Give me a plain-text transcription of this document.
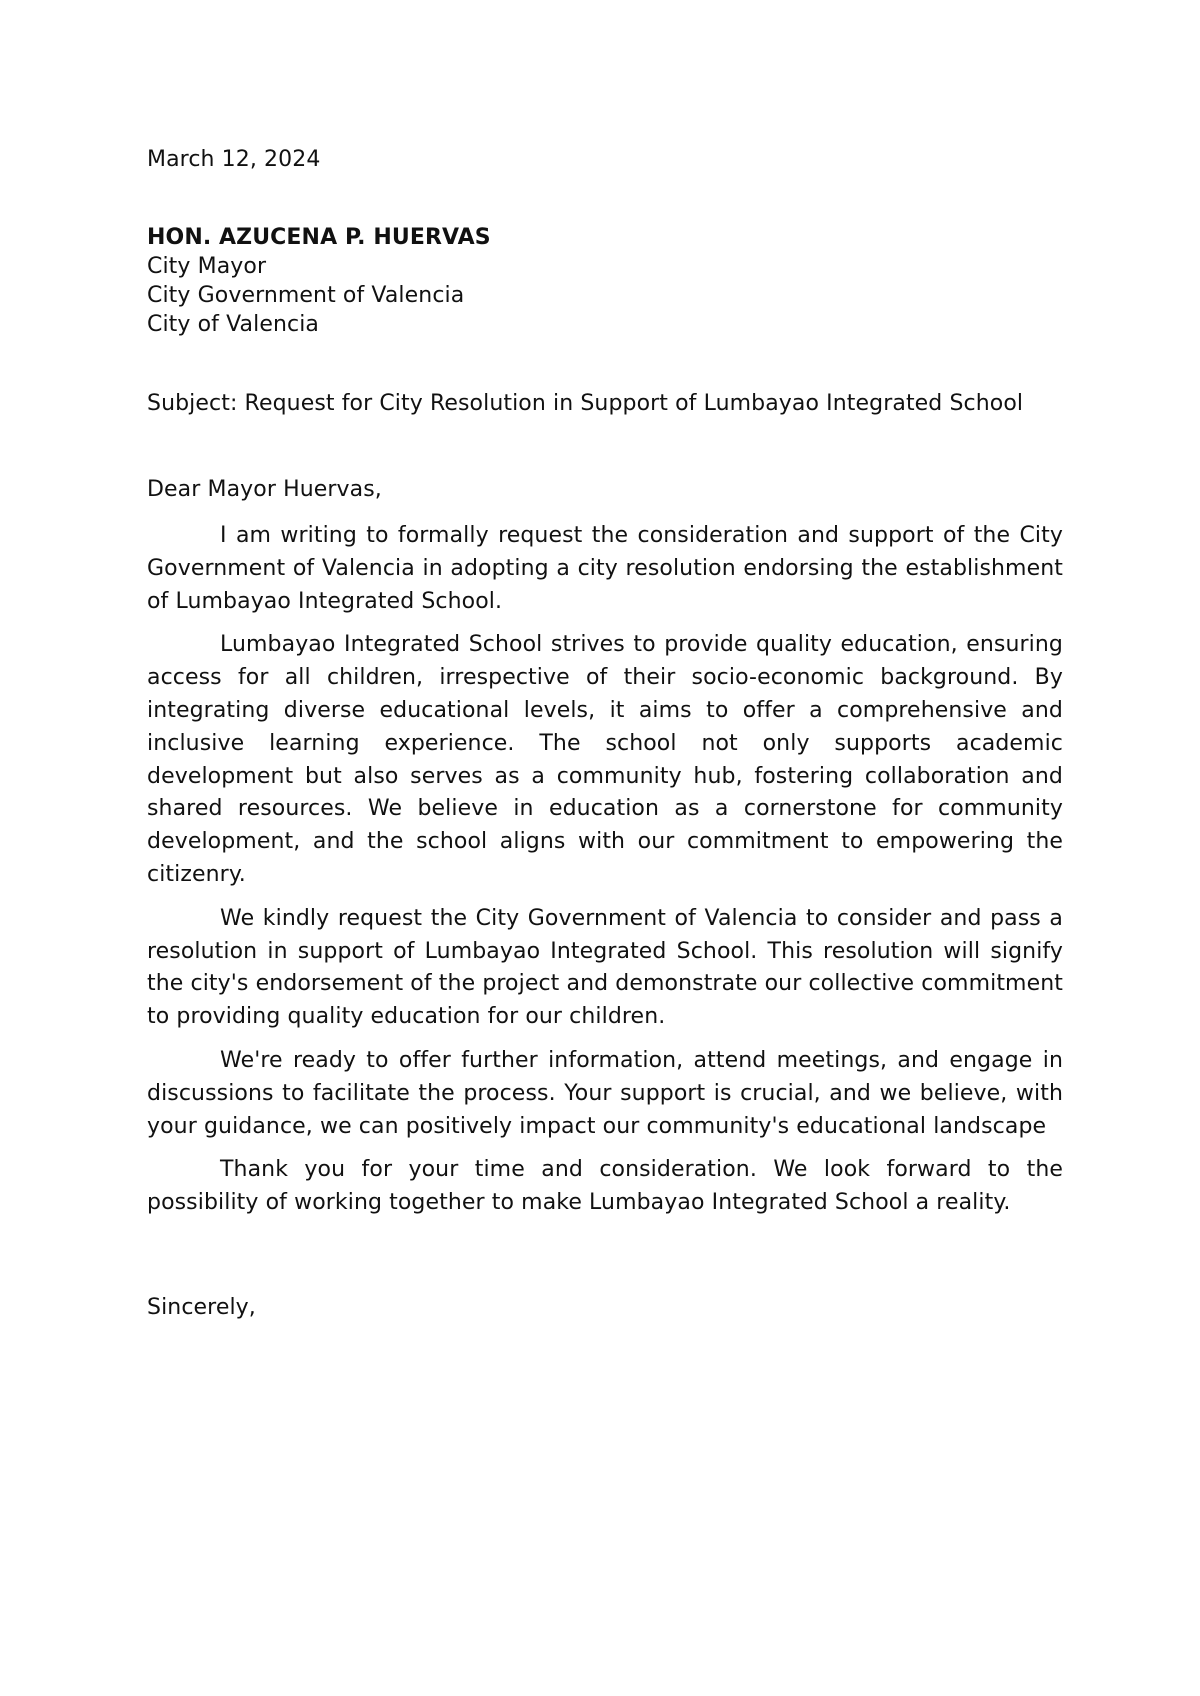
March 12, 2024

HON. AZUCENA P. HUERVAS
City Mayor
City Government of Valencia
City of Valencia
Subject: Request for City Resolution in Support of Lumbayao Integrated School
Dear Mayor Huervas,

I am writing to formally request the consideration and support of the City Government of Valencia in adopting a city resolution endorsing the establishment of Lumbayao Integrated School.

Lumbayao Integrated School strives to provide quality education, ensuring access for all children, irrespective of their socio-economic background. By integrating diverse educational levels, it aims to offer a comprehensive and inclusive learning experience. The school not only supports academic development but also serves as a community hub, fostering collaboration and shared resources. We believe in education as a cornerstone for community development, and the school aligns with our commitment to empowering the citizenry.

We kindly request the City Government of Valencia to consider and pass a resolution in support of Lumbayao Integrated School. This resolution will signify the city's endorsement of the project and demonstrate our collective commitment to providing quality education for our children.

We're ready to offer further information, attend meetings, and engage in discussions to facilitate the process. Your support is crucial, and we believe, with your guidance, we can positively impact our community's educational landscape

Thank you for your time and consideration. We look forward to the possibility of working together to make Lumbayao Integrated School a reality.

Sincerely,
